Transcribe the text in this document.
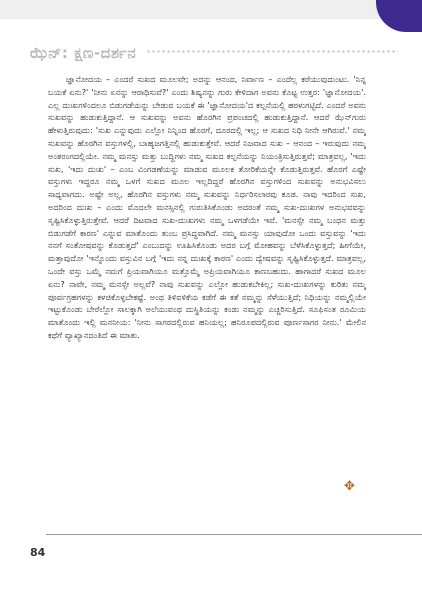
ಝೆನ್: ಕ್ಷಣ-ದರ್ಶನ

ಜ್ಞಾನೋದಯ – ಎಂದರೆ ಸುಖದ ಮೂಲವೇ; ಅದನ್ನು ಆನಂದ, ನಿರ್ವಾಣ – ಎಂದೆಲ್ಲ ಕರೆಯುವುದುಂಟು. 'ನಿನ್ನ ಬಯಕೆ ಏನು?' 'ನೀನು ಏನನ್ನು ಆರಾಧಿಸುವೆ?' ಎಂದು ಶಿಷ್ಯನನ್ನು ಗುರು ಕೇಳಿದಾಗ ಅವನು ಕೊಟ್ಟ ಉತ್ತರ: 'ಜ್ಞಾನೋದಯ'. ಎಲ್ಲ ದುಃಖಗಳಿಂದಲೂ ಬಿಡುಗಡೆಯನ್ನು ಬೇಡುವ ಬಯಕೆ ಈ 'ಜ್ಞಾನೋದಯ'ದ ಕಲ್ಪನೆಯಲ್ಲಿ ಹರಳುಗಟ್ಟಿದೆ. ಎಂದರೆ ಅವನು ಸುಖವನ್ನು ಹುಡುಕುತ್ತಿದ್ದಾನೆ. ಆ ಸುಖವನ್ನು ಅವನು ಹೊರಗಿನ ಪ್ರಪಂಚದಲ್ಲಿ ಹುಡುಕುತ್ತಿದ್ದಾನೆ. ಆದರೆ ಝೆನ್‌ಗುರು ಹೇಳುತ್ತಿರುವುದು: 'ಸುಖ ಎನ್ನುವುದು ಎಲ್ಲೋ ನಿನ್ನಿಂದ ಹೊರಗೆ, ದೂರದಲ್ಲಿ ಇಲ್ಲ; ಆ ಸುಖದ ನಿಧಿ ನೀನೇ ಆಗಿರುವೆ.' ನಮ್ಮ ಸುಖವನ್ನು ಹೊರಗಿನ ವಸ್ತುಗಳಲ್ಲಿ, ಬಾಹ್ಯಜಗತ್ತಿನಲ್ಲಿ ಹುಡುಕುತ್ತೇವೆ. ಆದರೆ ನಿಜವಾದ ಸುಖ – ಆನಂದ – ಇರುವುದು ನಮ್ಮ ಅಂತರಂಗದಲ್ಲಿಯೇ. ನಮ್ಮ ಮನಸ್ಸು ಮತ್ತು ಬುದ್ಧಿಗಳು ನಮ್ಮ ಸುಖದ ಕಲ್ಪನೆಯನ್ನು ನಿಯಂತ್ರಿಸುತ್ತಿರುತ್ತವೆ; ಮಾತ್ರವಲ್ಲ, 'ಇದು ಸುಖ, 'ಇದು ದುಃಖ' – ಎಂಬ ವಿಂಗಡಣೆಯನ್ನು ಮಾಡುವ ಮೂಲಕ ತೋರಿಕೆಯನ್ನೇ ಕೊಡುತ್ತಿರುತ್ತವೆ. ಹೊರಗೆ ಎಷ್ಟೇ ವಸ್ತುಗಳು ಇದ್ದರೂ ನಮ್ಮ ಒಳಗೆ ಸುಖದ ಮೂಲ ಇಲ್ಲದಿದ್ದರೆ ಹೊರಗಿನ ವಸ್ತುಗಳಿಂದ ಸುಖವನ್ನು ಅನುಭವಿಸಲು ಸಾಧ್ಯವಾಗದು. ಅಷ್ಟೇ ಅಲ್ಲ, ಹೊರಗಿನ ವಸ್ತುಗಳು ನಮ್ಮ ಸುಖವನ್ನು ನಿರ್ಧರಿಸಲಾರವು ಕೂಡ. ನಾವು ಇದರಿಂದ ಸುಖ, ಅದರಿಂದ ದುಃಖ – ಎಂದು ಮೊದಲೇ ಮನಸ್ಸಿನಲ್ಲಿ ಗುರುತಿಸಿಕೊಂಡು ಅದರಂತೆ ನಮ್ಮ ಸುಖ-ದುಃಖಗಳ ಅನುಭವವನ್ನು ಸೃಷ್ಟಿಸಿಕೊಳ್ಳುತ್ತಿರುತ್ತೇವೆ. ಆದರೆ ದಿಟವಾದ ಸುಖ-ದುಃಖಗಳು ನಮ್ಮ ಒಳಗಡೆಯೇ ಇವೆ. 'ಮನಸ್ಸೇ ನಮ್ಮ ಬಂಧನ ಮತ್ತು ಬಿಡುಗಡೆಗೆ ಕಾರಣ' ಎನ್ನುವ ಮಾತೊಂದು ತುಂಬ ಪ್ರಸಿದ್ಧವಾಗಿದೆ. ನಮ್ಮ ಮನಸ್ಸು ಯಾವುದೋ ಒಂದು ವಸ್ತುವನ್ನು 'ಇದು ನನಗೆ ಸಂತೋಷವನ್ನು ಕೊಡುತ್ತದೆ' ಎಂಬುದನ್ನು ಊಹಿಸಿಕೊಂಡು ಅದರ ಬಗ್ಗೆ ಮೋಹವನ್ನು ಬೆಳೆಸಿಕೊಳ್ಳುತ್ತದೆ; ಹೀಗೆಯೇ, ಮತ್ತಾವುದೋ 'ಇನ್ನೊಂದು ವಸ್ತುವಿನ ಬಗ್ಗೆ 'ಇದು ನನ್ನ ದುಃಖಕ್ಕೆ ಕಾರಣ' ಎಂದು ದ್ವೇಷವನ್ನು ಸೃಷ್ಟಿಸಿಕೊಳ್ಳುತ್ತದೆ. ಮಾತ್ರವಲ್ಲ, ಒಂದೇ ವಸ್ತು ಒಮ್ಮೆ ನಮಗೆ ಪ್ರಿಯವಾಗಿಯೂ ಮತ್ತೊಮ್ಮೆ ಅಪ್ರಿಯವಾಗಿಯೂ ಕಾಣಬಹುದು. ಹಾಗಾದರೆ ಸುಖದ ಮೂಲ ಏನು? ನಾವೇ, ನಮ್ಮ ಮನಸ್ಸೇ ಅಲ್ಲವೆ? ನಾವು ಸುಖವನ್ನು ಎಲ್ಲೋ ಹುಡುಕಬೇಕಿಲ್ಲ; ಸುಖ-ದುಃಖಗಳನ್ನು ಕುರಿತು ನಮ್ಮ ಪೂರ್ವಗ್ರಹಗಳನ್ನು ಕಳಚಿಕೊಳ್ಳಬೇಕಷ್ಟೆ. ಅಂಥ ತಿಳಿವಳಿಕೆಯ ಕಡೆಗೆ ಈ ಕತೆ ನಮ್ಮನ್ನು ಸೆಳೆಯುತ್ತಿದೆ; ನಿಧಿಯನ್ನು ನಮ್ಮಲ್ಲಿಯೇ ಇಟ್ಟುಕೊಂಡು ಬೇರೆಲ್ಲೋ ಸಾಲಕ್ಕಾಗಿ ಅಲೆಯುವಂಥ ದುಸ್ಥಿತಿಯನ್ನು ಕಂಡು ನಮ್ಮನ್ನು ಎಚ್ಚರಿಸುತ್ತಿದೆ. ಸೂಫಿಸಂತ ರೂಮಿಯ ಮಾತೊಂದು ಇಲ್ಲಿ ಮನನೀಯ: 'ನೀನು ಸಾಗರದಲ್ಲಿರುವ ಹನಿಯಲ್ಲ; ಹನಿರೂಪದಲ್ಲಿರುವ ಪೂರ್ಣಸಾಗರ ನೀನು.' ಮೇಲಿನ ಕಥೆಗೆ ವ್ಯಾಖ್ಯಾನದಂತಿದೆ ಈ ಮಾತು.

✥
84
